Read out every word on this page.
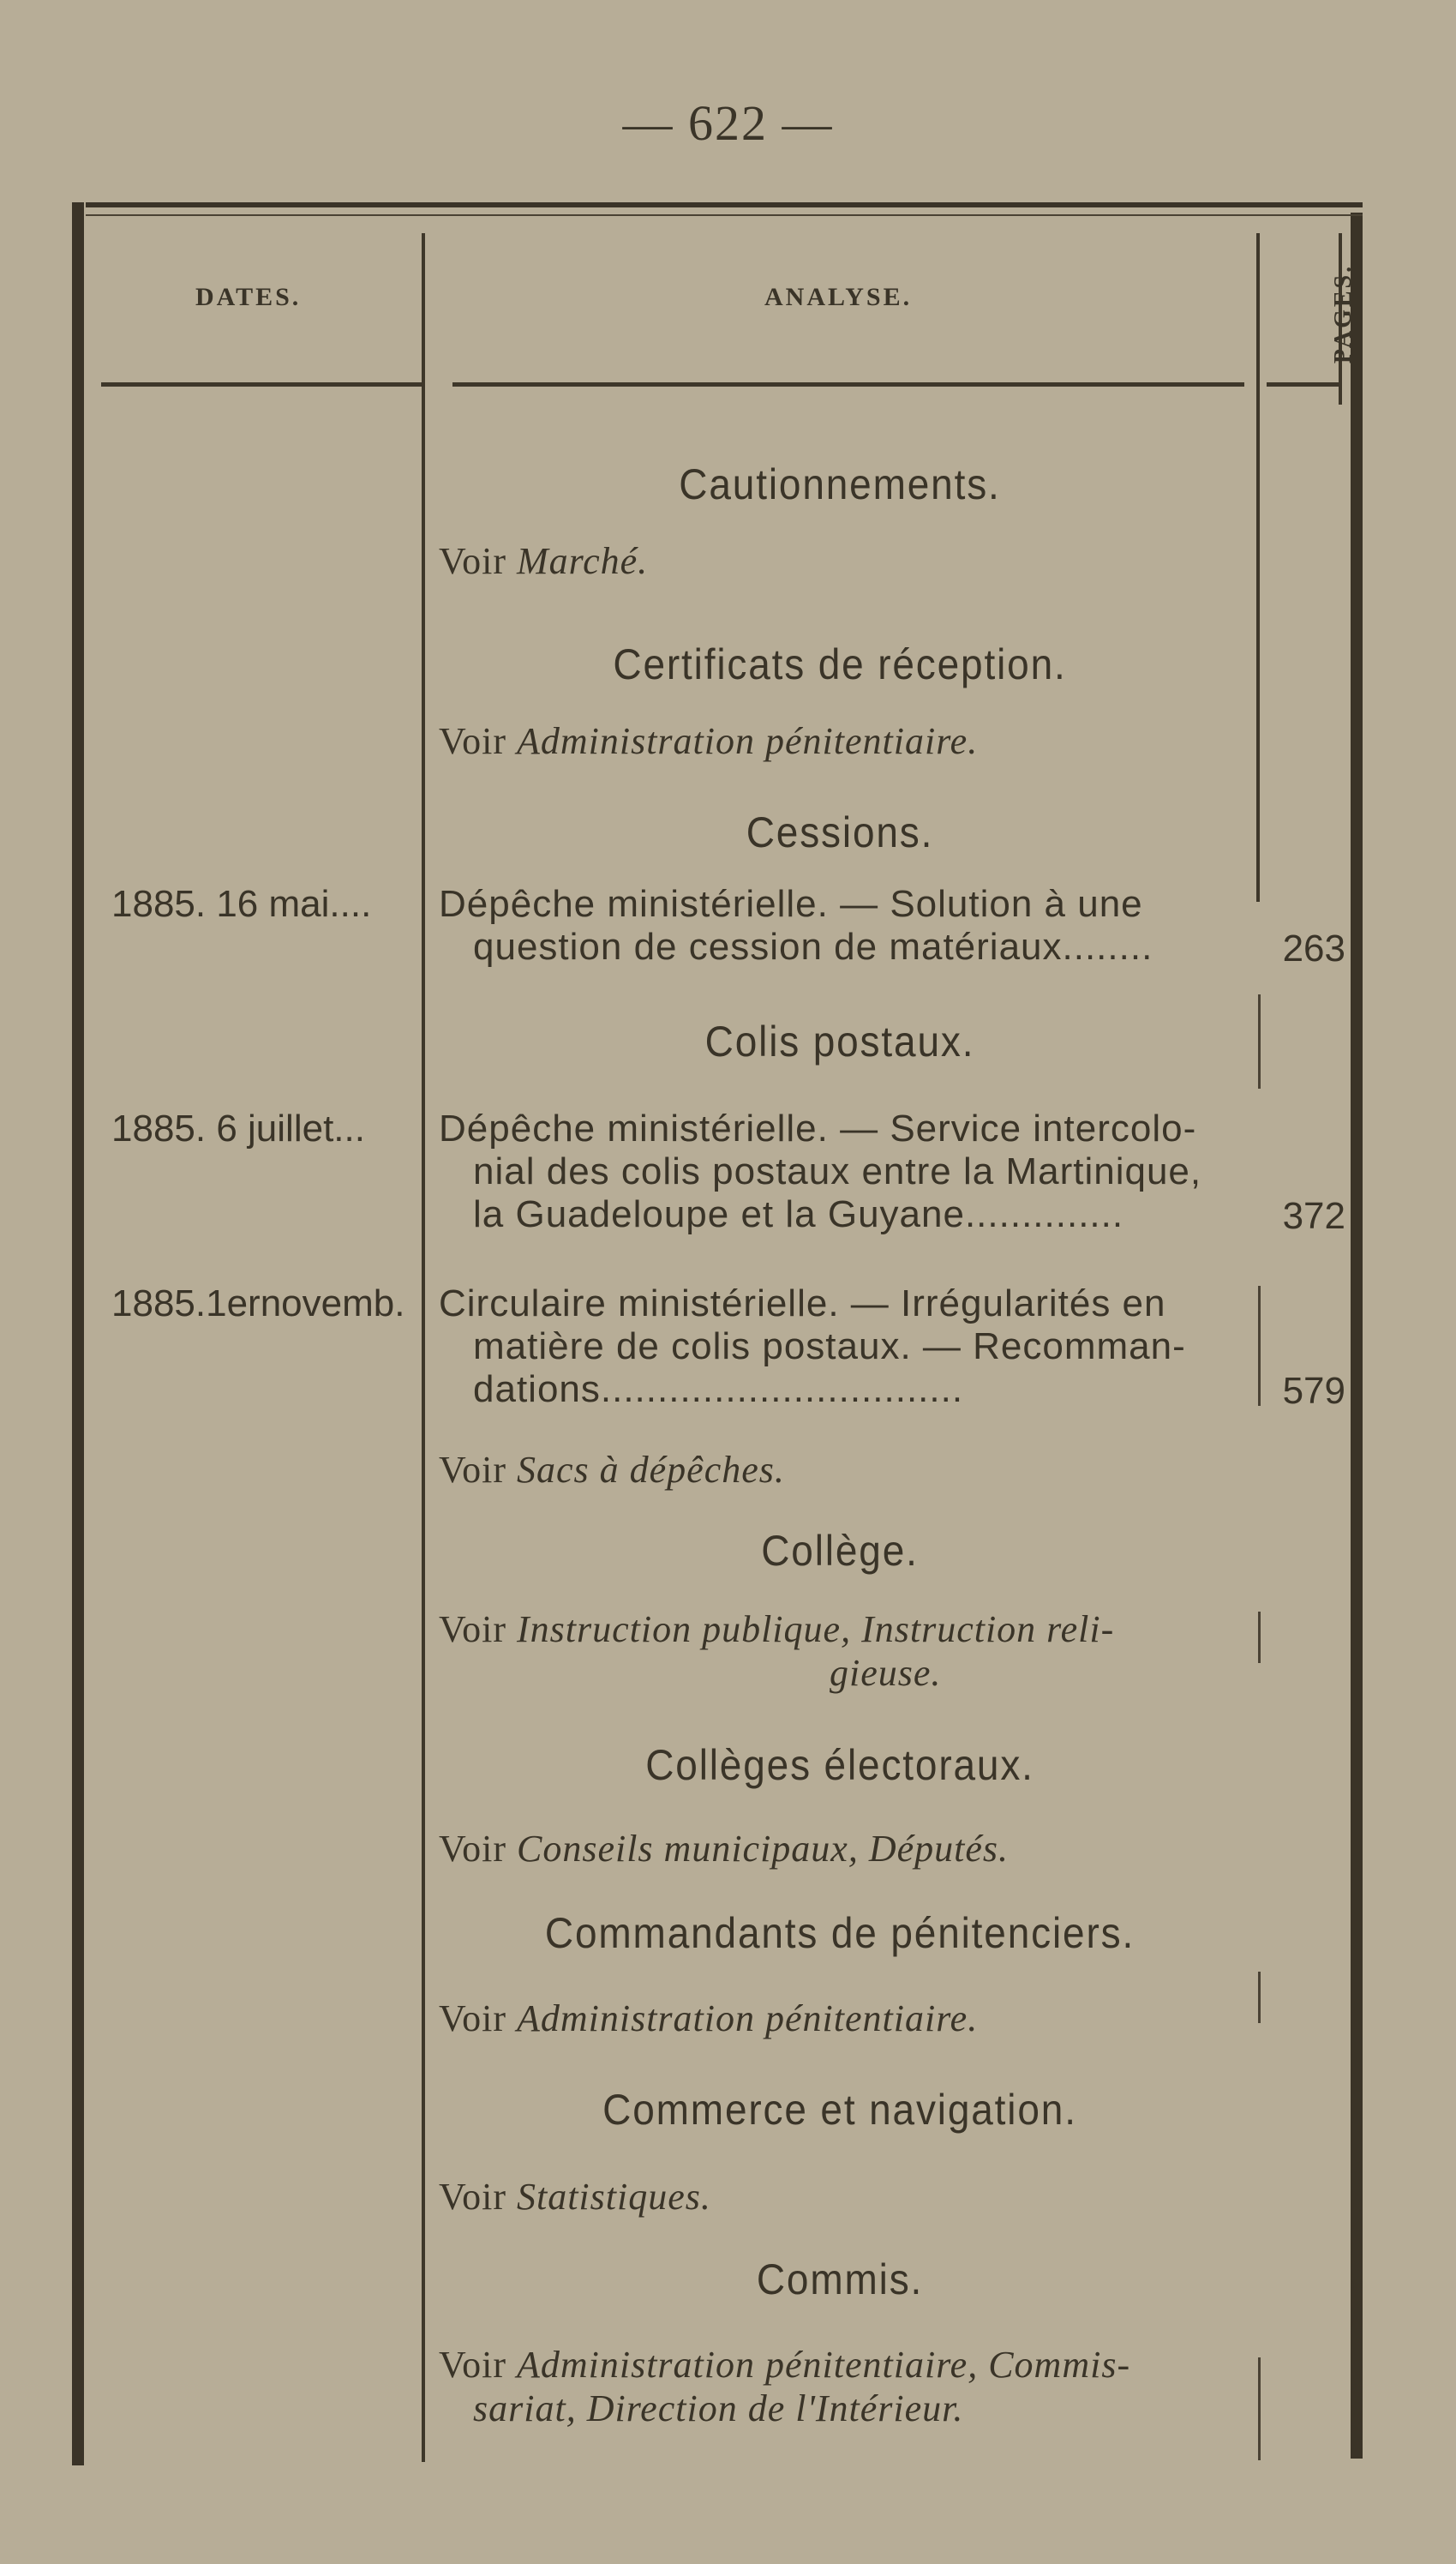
— 622 —
DATES.	ANALYSE.	PAGES.
Cautionnements.
Voir Marché.
Certificats de réception.
Voir Administration pénitentiaire.
Cessions.
1885. 16 mai....	Dépêche ministérielle. — Solution à une
question de cession de matériaux........	263
Colis postaux.
1885. 6 juillet...	Dépêche ministérielle. — Service intercolo-
nial des colis postaux entre la Martinique,
la Guadeloupe et la Guyane..............	372
1885.1ernovemb. Circulaire ministérielle. — Irrégularités en
matière de colis postaux. — Recomman-
dations................................	579
Voir Sacs à dépêches.
Collège.
Voir Instruction publique, Instruction reli-
gieuse.
Collèges électoraux.
Voir Conseils municipaux, Députés.
Commandants de pénitenciers.
Voir Administration pénitentiaire.
Commerce et navigation.
Voir Statistiques.
Commis.
Voir Administration pénitentiaire, Commis-
sariat, Direction de l'Intérieur.
